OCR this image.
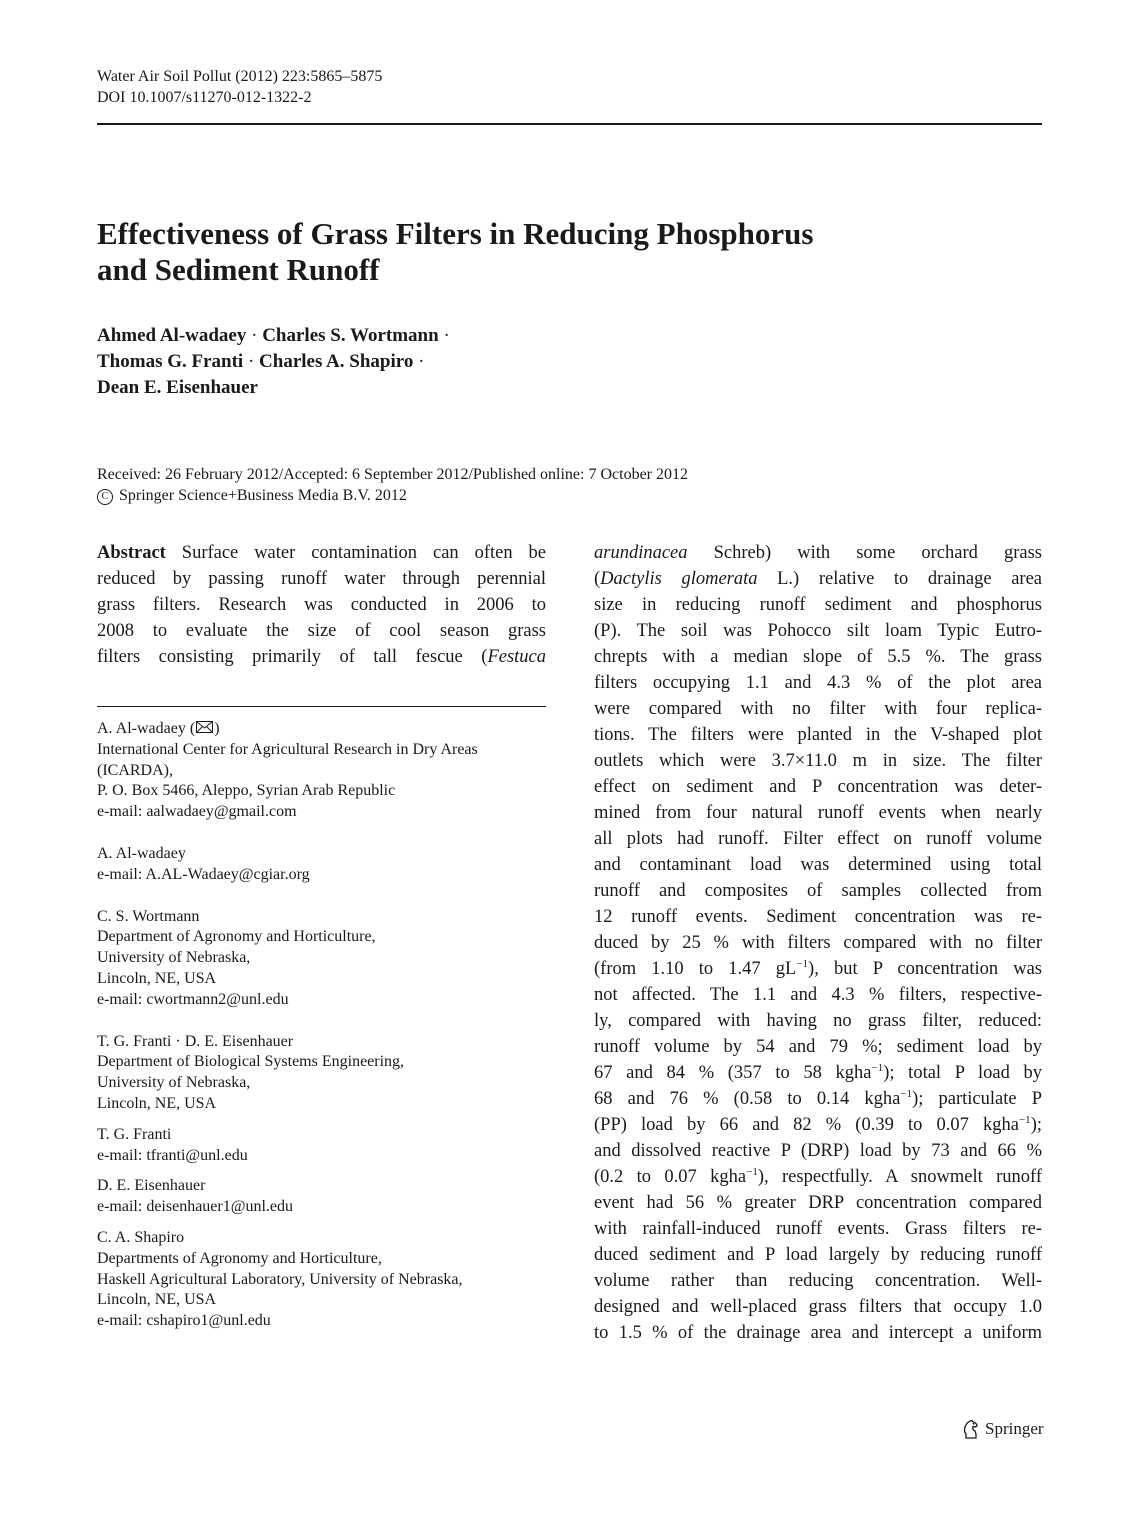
Water Air Soil Pollut (2012) 223:5865–5875
DOI 10.1007/s11270-012-1322-2
Effectiveness of Grass Filters in Reducing Phosphorus
and Sediment Runoff
Ahmed Al-wadaey · Charles S. Wortmann ·
Thomas G. Franti · Charles A. Shapiro ·
Dean E. Eisenhauer
Received: 26 February 2012/Accepted: 6 September 2012/Published online: 7 October 2012
C Springer Science+Business Media B.V. 2012
Abstract Surface water contamination can often be
reduced by passing runoff water through perennial
grass filters. Research was conducted in 2006 to
2008 to evaluate the size of cool season grass
filters consisting primarily of tall fescue (Festuca

A. Al-wadaey ( )
International Center for Agricultural Research in Dry Areas
(ICARDA),
P. O. Box 5466, Aleppo, Syrian Arab Republic
e-mail: aalwadaey@gmail.com

A. Al-wadaey
e-mail: A.AL-Wadaey@cgiar.org

C. S. Wortmann
Department of Agronomy and Horticulture,
University of Nebraska,
Lincoln, NE, USA
e-mail: cwortmann2@unl.edu

T. G. Franti · D. E. Eisenhauer
Department of Biological Systems Engineering,
University of Nebraska,
Lincoln, NE, USA

T. G. Franti
e-mail: tfranti@unl.edu

D. E. Eisenhauer
e-mail: deisenhauer1@unl.edu

C. A. Shapiro
Departments of Agronomy and Horticulture,
Haskell Agricultural Laboratory, University of Nebraska,
Lincoln, NE, USA
e-mail: cshapiro1@unl.edu

arundinacea Schreb) with some orchard grass
(Dactylis glomerata L.) relative to drainage area
size in reducing runoff sediment and phosphorus
(P). The soil was Pohocco silt loam Typic Eutro-
chrepts with a median slope of 5.5 %. The grass
filters occupying 1.1 and 4.3 % of the plot area
were compared with no filter with four replica-
tions. The filters were planted in the V-shaped plot
outlets which were 3.7×11.0 m in size. The filter
effect on sediment and P concentration was deter-
mined from four natural runoff events when nearly
all plots had runoff. Filter effect on runoff volume
and contaminant load was determined using total
runoff and composites of samples collected from
12 runoff events. Sediment concentration was re-
duced by 25 % with filters compared with no filter
(from 1.10 to 1.47 $gL^{-1}$), but P concentration was
not affected. The 1.1 and 4.3 % filters, respective-
ly, compared with having no grass filter, reduced:
runoff volume by 54 and 79 %; sediment load by
67 and 84 % (357 to 58 kgha$^{-1}$); total P load by
68 and 76 % (0.58 to 0.14 kgha$^{-1}$); particulate P
(PP) load by 66 and 82 % (0.39 to 0.07 kgha$^{-1}$);
and dissolved reactive P (DRP) load by 73 and 66 %
(0.2 to 0.07 kgha$^{-1}$), respectfully. A snowmelt runoff
event had 56 % greater DRP concentration compared
with rainfall-induced runoff events. Grass filters re-
duced sediment and P load largely by reducing runoff
volume rather than reducing concentration. Well-
designed and well-placed grass filters that occupy 1.0
to 1.5 % of the drainage area and intercept a uniform
Springer
